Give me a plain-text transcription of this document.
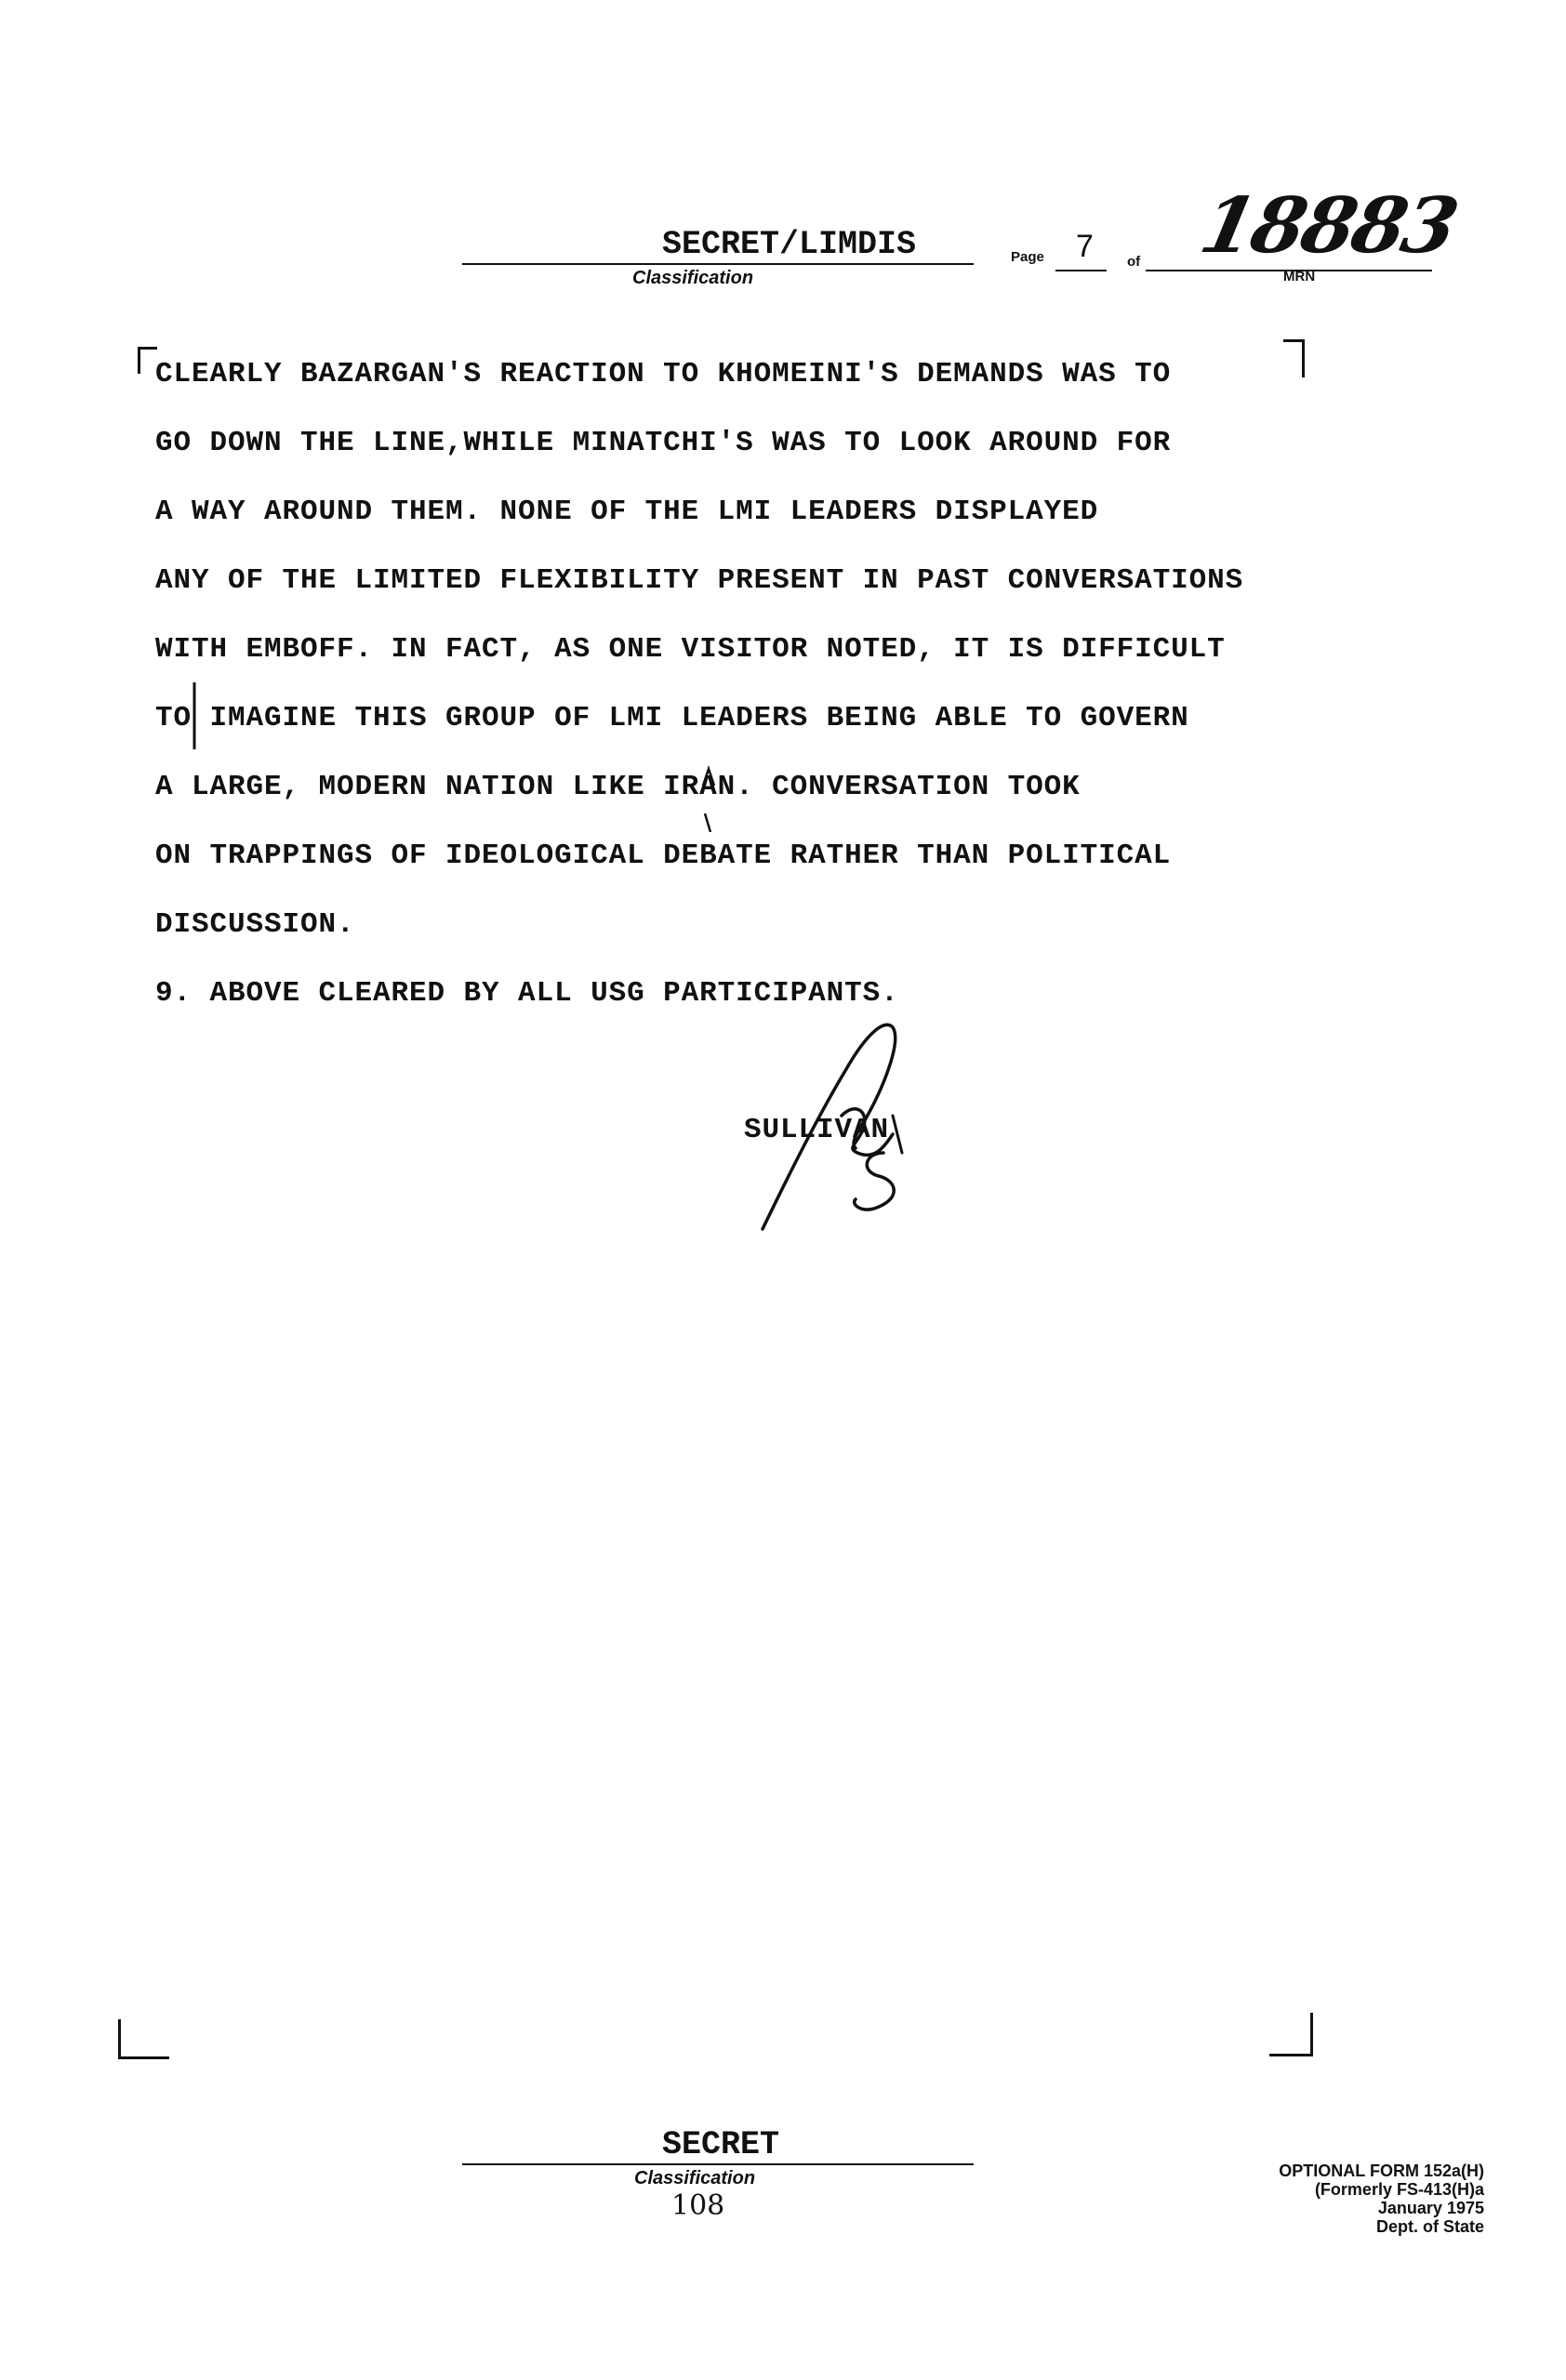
SECRET/LIMDIS
Classification
Page 7 of 18883
MRN
CLEARLY BAZARGAN'S REACTION TO KHOMEINI'S DEMANDS WAS TO
GO DOWN THE LINE,WHILE MINATCHI'S WAS TO LOOK AROUND FOR
A WAY AROUND THEM. NONE OF THE LMI LEADERS DISPLAYED
ANY OF THE LIMITED FLEXIBILITY PRESENT IN PAST CONVERSATIONS
WITH EMBOFF. IN FACT, AS ONE VISITOR NOTED, IT IS DIFFICULT
TO IMAGINE THIS GROUP OF LMI LEADERS BEING ABLE TO GOVERN
A LARGE, MODERN NATION LIKE IRAN. CONVERSATION TOOK
ON TRAPPINGS OF IDEOLOGICAL DEBATE RATHER THAN POLITICAL
DISCUSSION.
9. ABOVE CLEARED BY ALL USG PARTICIPANTS.
SULLIVAN
SECRET
Classification
108
OPTIONAL FORM 152a(H)
(Formerly FS-413(H)a
January 1975
Dept. of State
